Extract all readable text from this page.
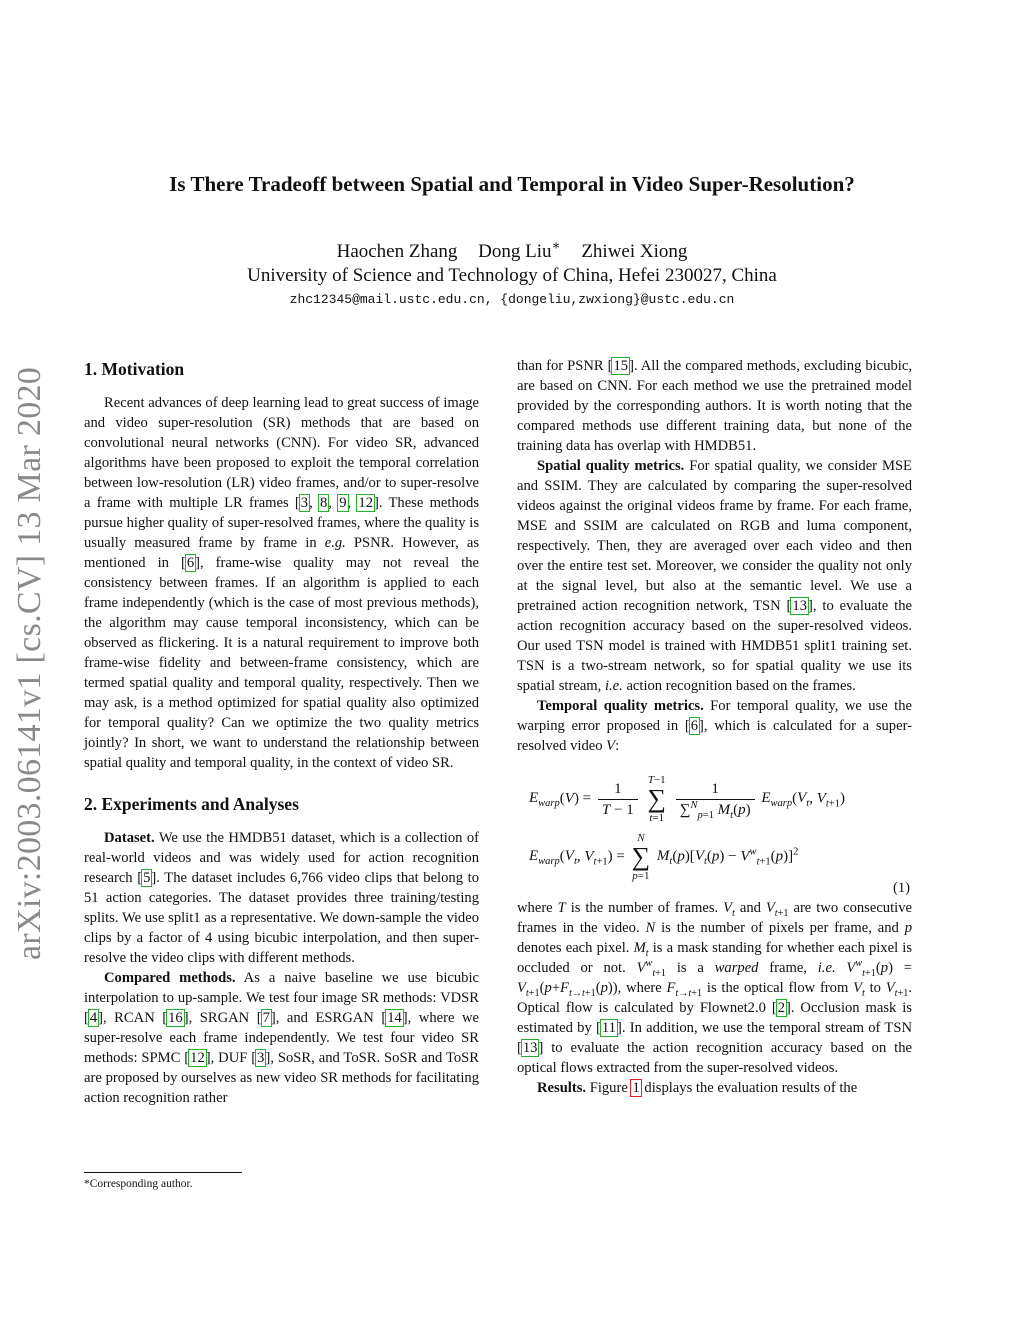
arXiv:2003.06141v1 [cs.CV] 13 Mar 2020
Is There Tradeoff between Spatial and Temporal in Video Super-Resolution?
Haochen Zhang Dong Liu∗ Zhiwei Xiong
University of Science and Technology of China, Hefei 230027, China
zhc12345@mail.ustc.edu.cn, {dongeliu,zwxiong}@ustc.edu.cn
1. Motivation

Recent advances of deep learning lead to great success of image and video super-resolution (SR) methods that are based on convolutional neural networks (CNN). For video SR, advanced algorithms have been proposed to exploit the temporal correlation between low-resolution (LR) video frames, and/or to super-resolve a frame with multiple LR frames [3, 8, 9, 12]. These methods pursue higher quality of super-resolved frames, where the quality is usually measured frame by frame in e.g. PSNR. However, as mentioned in [6], frame-wise quality may not reveal the consistency between frames. If an algorithm is applied to each frame independently (which is the case of most previous methods), the algorithm may cause temporal inconsistency, which can be observed as flickering. It is a natural requirement to improve both frame-wise fidelity and between-frame consistency, which are termed spatial quality and temporal quality, respectively. Then we may ask, is a method optimized for spatial quality also optimized for temporal quality? Can we optimize the two quality metrics jointly? In short, we want to understand the relationship between spatial quality and temporal quality, in the context of video SR.

2. Experiments and Analyses

Dataset. We use the HMDB51 dataset, which is a collection of real-world videos and was widely used for action recognition research [5]. The dataset includes 6,766 video clips that belong to 51 action categories. The dataset provides three training/testing splits. We use split1 as a representative. We down-sample the video clips by a factor of 4 using bicubic interpolation, and then super-resolve the video clips with different methods.

Compared methods. As a naive baseline we use bicubic interpolation to up-sample. We test four image SR methods: VDSR [4], RCAN [16], SRGAN [7], and ESRGAN [14], where we super-resolve each frame independently. We test four video SR methods: SPMC [12], DUF [3], SoSR, and ToSR. SoSR and ToSR are proposed by ourselves as new video SR methods for facilitating action recognition rather

*Corresponding author.

than for PSNR [15]. All the compared methods, excluding bicubic, are based on CNN. For each method we use the pretrained model provided by the corresponding authors. It is worth noting that the compared methods use different training data, but none of the training data has overlap with HMDB51.

Spatial quality metrics. For spatial quality, we consider MSE and SSIM. They are calculated by comparing the super-resolved videos against the original videos frame by frame. For each frame, MSE and SSIM are calculated on RGB and luma component, respectively. Then, they are averaged over each video and then over the entire test set. Moreover, we consider the quality not only at the signal level, but also at the semantic level. We use a pretrained action recognition network, TSN [13], to evaluate the action recognition accuracy based on the super-resolved videos. Our used TSN model is trained with HMDB51 split1 training set. TSN is a two-stream network, so for spatial quality we use its spatial stream, i.e. action recognition based on the frames.

Temporal quality metrics. For temporal quality, we use the warping error proposed in [6], which is calculated for a super-resolved video V:

$E_{warp}(V) = \frac{1}{T - 1} T-1$
∑
$t=1 \frac{1}{\sum^N_{p=1} M_t(p)} E_{warp}(V_t$, $V_{t+1}$)
$E_{warp}(V_t$, $V_{t+1}) = N$
∑
p=1 $M_t(p)[V_t(p) - V^w_{t+1}(p)]^2$
(1)

where T is the number of frames. $V_t$ and $V_{t+1}$ are two consecutive frames in the video. N is the number of pixels per frame, and p denotes each pixel. $M_t$ is a mask standing for whether each pixel is occluded or not. $V^w_{t+1}$ is a warped frame, i.e. $V^w_{t+1}(p) = V_{t+1}(p+F_{t\to t+1}(p))$, where $F_{t\to t+1}$ is the optical flow from $V_t$ to $V_{t+1}$. Optical flow is calculated by Flownet2.0 [2]. Occlusion mask is estimated by [11]. In addition, we use the temporal stream of TSN [13] to evaluate the action recognition accuracy based on the optical flows extracted from the super-resolved videos.

Results. Figure 1 displays the evaluation results of the
